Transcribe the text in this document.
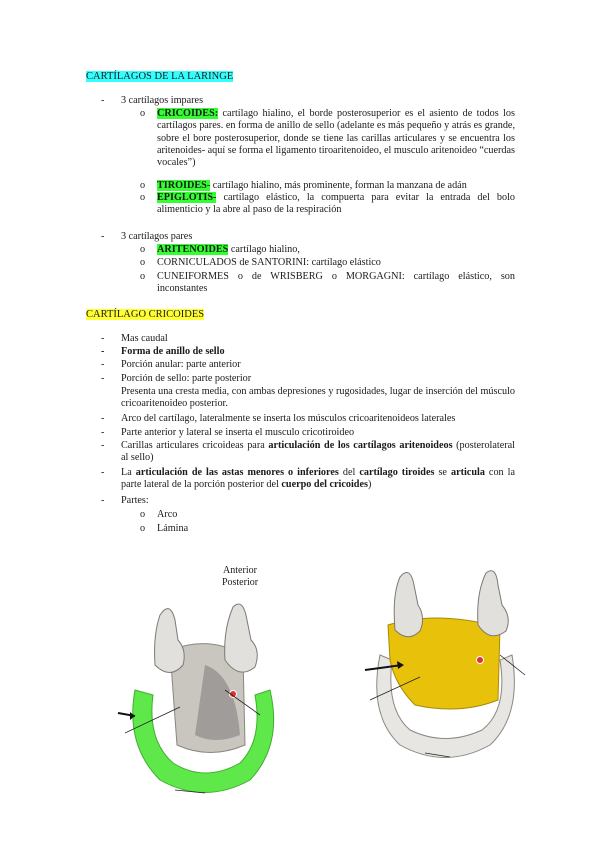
CARTÍLAGOS DE LA LARINGE
- 3 cartílagos impares
o CRICOIDES: cartílago hialino, el borde posterosuperior es el asiento de todos los cartílagos pares. en forma de anillo de sello (adelante es más pequeño y atrás es grande, sobre el bore posterosuperior, donde se tiene las carillas articulares y se encuentra los aritenoides- aquí se forma el ligamento tiroaritenoideo, el musculo aritenoideo “cuerdas vocales”)
o TIROIDES- cartílago hialino, más prominente, forman la manzana de adán
o EPIGLOTIS- cartílago elástico, la compuerta para evitar la entrada del bolo alimenticio y la abre al paso de la respiración
- 3 cartílagos pares
o ARITENOIDES cartílago hialino,
o CORNICULADOS de SANTORINI: cartílago elástico
o CUNEIFORMES o de WRISBERG o MORGAGNI: cartílago elástico, son inconstantes
CARTÍLAGO CRICOIDES
- Mas caudal
- Forma de anillo de sello
- Porción anular: parte anterior
- Porción de sello: parte posterior
Presenta una cresta media, con ambas depresiones y rugosidades, lugar de inserción del músculo cricoaritenoideo posterior.
- Arco del cartílago, lateralmente se inserta los músculos cricoaritenoideos laterales
- Parte anterior y lateral se inserta el musculo cricotiroideo
- Carillas articulares cricoideas para articulación de los cartílagos aritenoideos (posterolateral al sello)
- La articulación de las astas menores o inferiores del cartílago tiroides se articula con la parte lateral de la porción posterior del cuerpo del cricoides)
- Partes:
o Arco
o Lámina
Anterior
Posterior
